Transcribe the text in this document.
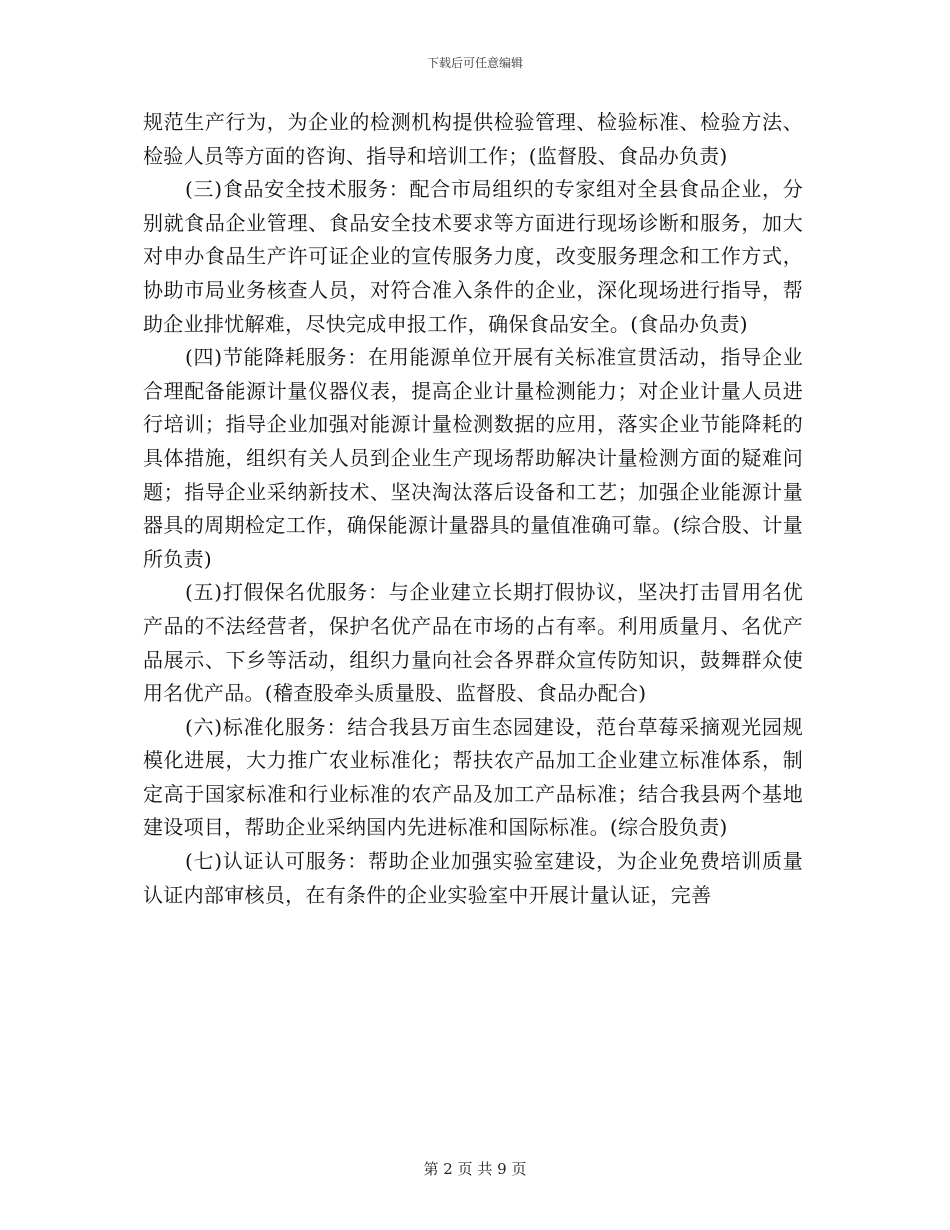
下载后可任意编辑

规范生产行为，为企业的检测机构提供检验管理、检验标准、检验方法、检验人员等方面的咨询、指导和培训工作；(监督股、食品办负责)

(三)食品安全技术服务：配合市局组织的专家组对全县食品企业，分别就食品企业管理、食品安全技术要求等方面进行现场诊断和服务，加大对申办食品生产许可证企业的宣传服务力度，改变服务理念和工作方式，协助市局业务核查人员，对符合准入条件的企业，深化现场进行指导，帮助企业排忧解难，尽快完成申报工作，确保食品安全。(食品办负责)

(四)节能降耗服务：在用能源单位开展有关标准宣贯活动，指导企业合理配备能源计量仪器仪表，提高企业计量检测能力；对企业计量人员进行培训；指导企业加强对能源计量检测数据的应用，落实企业节能降耗的具体措施，组织有关人员到企业生产现场帮助解决计量检测方面的疑难问题；指导企业采纳新技术、坚决淘汰落后设备和工艺；加强企业能源计量器具的周期检定工作，确保能源计量器具的量值准确可靠。(综合股、计量所负责)

(五)打假保名优服务：与企业建立长期打假协议，坚决打击冒用名优产品的不法经营者，保护名优产品在市场的占有率。利用质量月、名优产品展示、下乡等活动，组织力量向社会各界群众宣传防知识，鼓舞群众使用名优产品。(稽查股牵头质量股、监督股、食品办配合)

(六)标准化服务：结合我县万亩生态园建设，范台草莓采摘观光园规模化进展，大力推广农业标准化；帮扶农产品加工企业建立标准体系，制定高于国家标准和行业标准的农产品及加工产品标准；结合我县两个基地建设项目，帮助企业采纳国内先进标准和国际标准。(综合股负责)

(七)认证认可服务：帮助企业加强实验室建设，为企业免费培训质量认证内部审核员，在有条件的企业实验室中开展计量认证，完善

第 2 页 共 9 页
